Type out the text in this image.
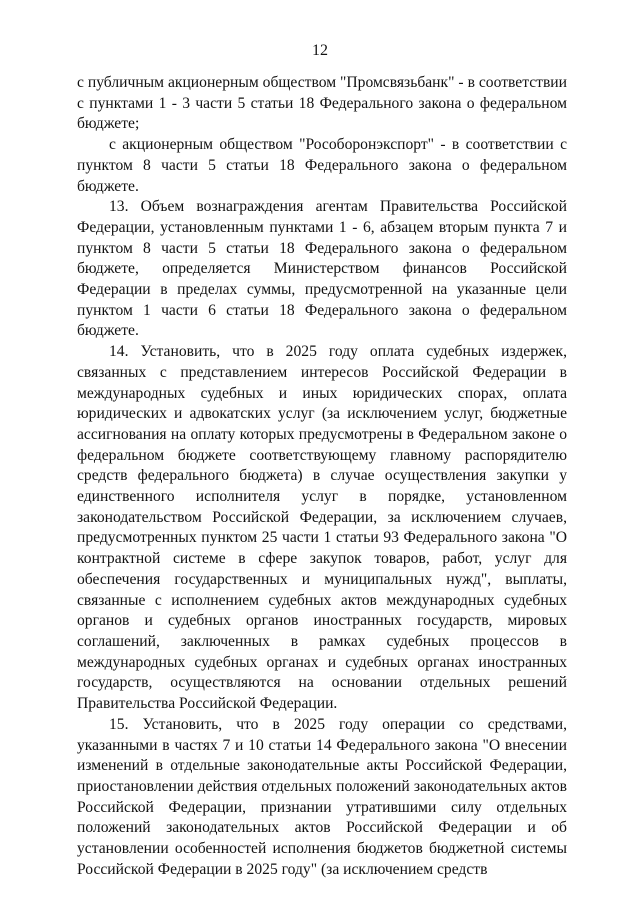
12

с публичным акционерным обществом "Промсвязьбанк" - в соответствии с пунктами 1 - 3 части 5 статьи 18 Федерального закона о федеральном бюджете;

с акционерным обществом "Рособоронэкспорт" - в соответствии с пунктом 8 части 5 статьи 18 Федерального закона о федеральном бюджете.

13. Объем вознаграждения агентам Правительства Российской Федерации, установленным пунктами 1 - 6, абзацем вторым пункта 7 и пунктом 8 части 5 статьи 18 Федерального закона о федеральном бюджете, определяется Министерством финансов Российской Федерации в пределах суммы, предусмотренной на указанные цели пунктом 1 части 6 статьи 18 Федерального закона о федеральном бюджете.

14. Установить, что в 2025 году оплата судебных издержек, связанных с представлением интересов Российской Федерации в международных судебных и иных юридических спорах, оплата юридических и адвокатских услуг (за исключением услуг, бюджетные ассигнования на оплату которых предусмотрены в Федеральном законе о федеральном бюджете соответствующему главному распорядителю средств федерального бюджета) в случае осуществления закупки у единственного исполнителя услуг в порядке, установленном законодательством Российской Федерации, за исключением случаев, предусмотренных пунктом 25 части 1 статьи 93 Федерального закона "О контрактной системе в сфере закупок товаров, работ, услуг для обеспечения государственных и муниципальных нужд", выплаты, связанные с исполнением судебных актов международных судебных органов и судебных органов иностранных государств, мировых соглашений, заключенных в рамках судебных процессов в международных судебных органах и судебных органах иностранных государств, осуществляются на основании отдельных решений Правительства Российской Федерации.

15. Установить, что в 2025 году операции со средствами, указанными в частях 7 и 10 статьи 14 Федерального закона "О внесении изменений в отдельные законодательные акты Российской Федерации, приостановлении действия отдельных положений законодательных актов Российской Федерации, признании утратившими силу отдельных положений законодательных актов Российской Федерации и об установлении особенностей исполнения бюджетов бюджетной системы Российской Федерации в 2025 году" (за исключением средств
